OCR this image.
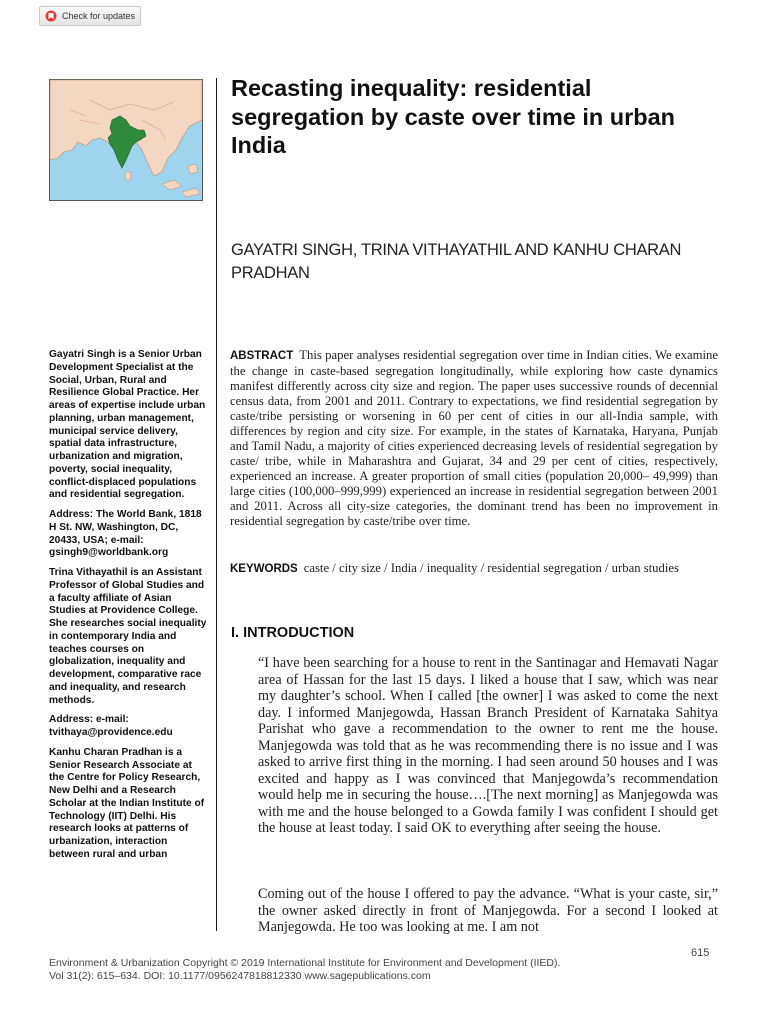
Check for updates
Recasting inequality: residential segregation by caste over time in urban India

GAYATRI SINGH, TRINA VITHAYATHIL AND KANHU CHARAN PRADHAN

Gayatri Singh is a Senior Urban Development Specialist at the Social, Urban, Rural and Resilience Global Practice. Her areas of expertise include urban planning, urban management, municipal service delivery, spatial data infrastructure, urbanization and migration, poverty, social inequality, conflict-displaced populations and residential segregation.

Address: The World Bank, 1818 H St. NW, Washington, DC, 20433, USA; e-mail: gsingh9@worldbank.org

Trina Vithayathil is an Assistant Professor of Global Studies and a faculty affiliate of Asian Studies at Providence College. She researches social inequality in contemporary India and teaches courses on globalization, inequality and development, comparative race and inequality, and research methods.

Address: e-mail: tvithaya@providence.edu

Kanhu Charan Pradhan is a Senior Research Associate at the Centre for Policy Research, New Delhi and a Research Scholar at the Indian Institute of Technology (IIT) Delhi. His research looks at patterns of urbanization, interaction between rural and urban

ABSTRACT This paper analyses residential segregation over time in Indian cities. We examine the change in caste-based segregation longitudinally, while exploring how caste dynamics manifest differently across city size and region. The paper uses successive rounds of decennial census data, from 2001 and 2011. Contrary to expectations, we find residential segregation by caste/tribe persisting or worsening in 60 per cent of cities in our all-India sample, with differences by region and city size. For example, in the states of Karnataka, Haryana, Punjab and Tamil Nadu, a majority of cities experienced decreasing levels of residential segregation by caste/ tribe, while in Maharashtra and Gujarat, 34 and 29 per cent of cities, respectively, experienced an increase. A greater proportion of small cities (population 20,000– 49,999) than large cities (100,000–999,999) experienced an increase in residential segregation between 2001 and 2011. Across all city-size categories, the dominant trend has been no improvement in residential segregation by caste/tribe over time.

KEYWORDS caste / city size / India / inequality / residential segregation / urban studies

I. INTRODUCTION

“I have been searching for a house to rent in the Santinagar and Hemavati Nagar area of Hassan for the last 15 days. I liked a house that I saw, which was near my daughter’s school. When I called [the owner] I was asked to come the next day. I informed Manjegowda, Hassan Branch President of Karnataka Sahitya Parishat who gave a recommendation to the owner to rent me the house. Manjegowda was told that as he was recommending there is no issue and I was asked to arrive first thing in the morning. I had seen around 50 houses and I was excited and happy as I was convinced that Manjegowda’s recommendation would help me in securing the house….[The next morning] as Manjegowda was with me and the house belonged to a Gowda family I was confident I should get the house at least today. I said OK to everything after seeing the house.

Coming out of the house I offered to pay the advance. “What is your caste, sir,” the owner asked directly in front of Manjegowda. For a second I looked at Manjegowda. He too was looking at me. I am not

615
Environment & Urbanization Copyright © 2019 International Institute for Environment and Development (IIED).
Vol 31(2): 615–634. DOI: 10.1177/0956247818812330 www.sagepublications.com
